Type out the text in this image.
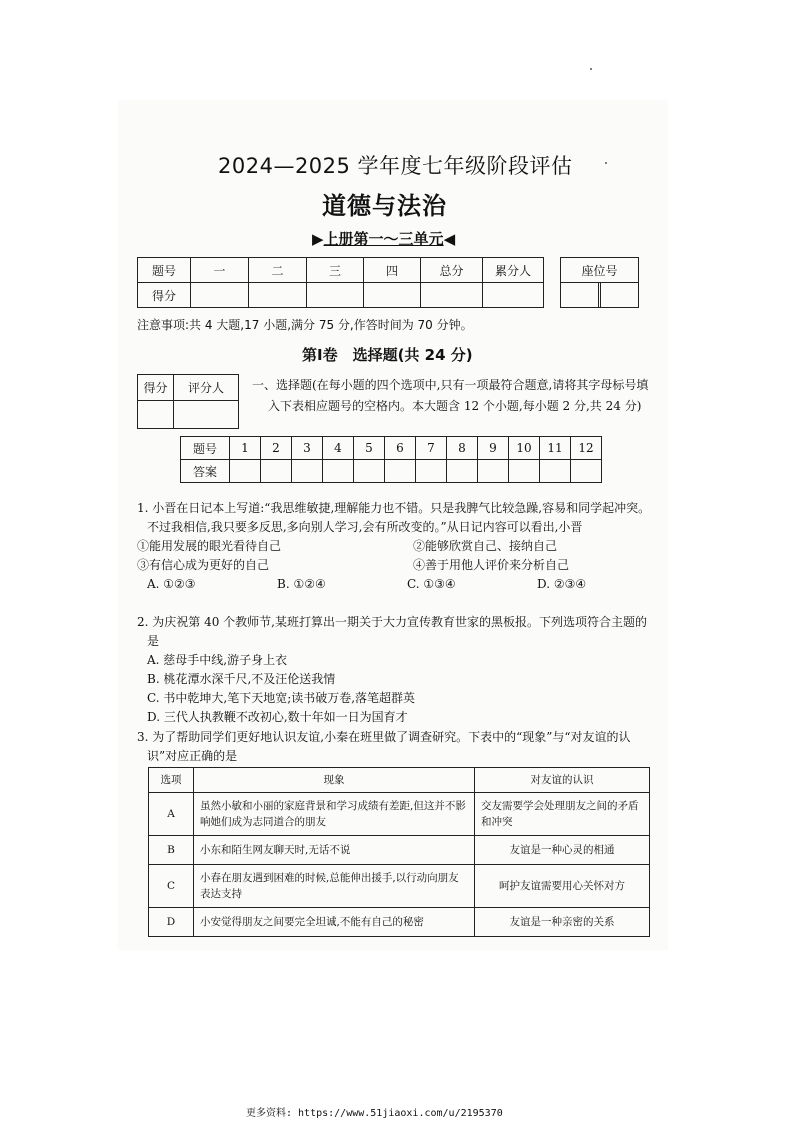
2024—2025 学年度七年级阶段评估
道德与法治
▶上册第一～三单元◀
题号	一	二	三	四	总分	累分人
得分						
座位号

注意事项:共 4 大题,17 小题,满分 75 分,作答时间为 70 分钟。
第Ⅰ卷　选择题(共 24 分)
得分	评分人
	一、选择题(在每小题的四个选项中,只有一项最符合题意,请将其字母标号填入下表相应题号的空格内。本大题含 12 个小题,每小题 2 分,共 24 分)
题号	1	2	3	4	5	6	7	8	9	10	11	12
答案												
1. 小晋在日记本上写道:“我思维敏捷,理解能力也不错。只是我脾气比较急躁,容易和同学起冲突。不过我相信,我只要多反思,多向别人学习,会有所改变的。”从日记内容可以看出,小晋
①能用发展的眼光看待自己	②能够欣赏自己、接纳自己
③有信心成为更好的自己	④善于用他人评价来分析自己
A. ①②③	B. ①②④	C. ①③④	D. ②③④
2. 为庆祝第 40 个教师节,某班打算出一期关于大力宣传教育世家的黑板报。下列选项符合主题的是
A. 慈母手中线,游子身上衣
B. 桃花潭水深千尺,不及汪伦送我情
C. 书中乾坤大,笔下天地宽;读书破万卷,落笔超群英
D. 三代人执教鞭不改初心,数十年如一日为国育才
3. 为了帮助同学们更好地认识友谊,小秦在班里做了调查研究。下表中的“现象”与“对友谊的认识”对应正确的是
选项	现象	对友谊的认识
A	虽然小敏和小丽的家庭背景和学习成绩有差距,但这并不影响她们成为志同道合的朋友	交友需要学会处理朋友之间的矛盾和冲突
B	小东和陌生网友聊天时,无话不说	友谊是一种心灵的相通
C	小春在朋友遇到困难的时候,总能伸出援手,以行动向朋友表达支持	呵护友谊需要用心关怀对方
D	小安觉得朋友之间要完全坦诚,不能有自己的秘密	友谊是一种亲密的关系
更多资料: https://www.51jiaoxi.com/u/2195370
